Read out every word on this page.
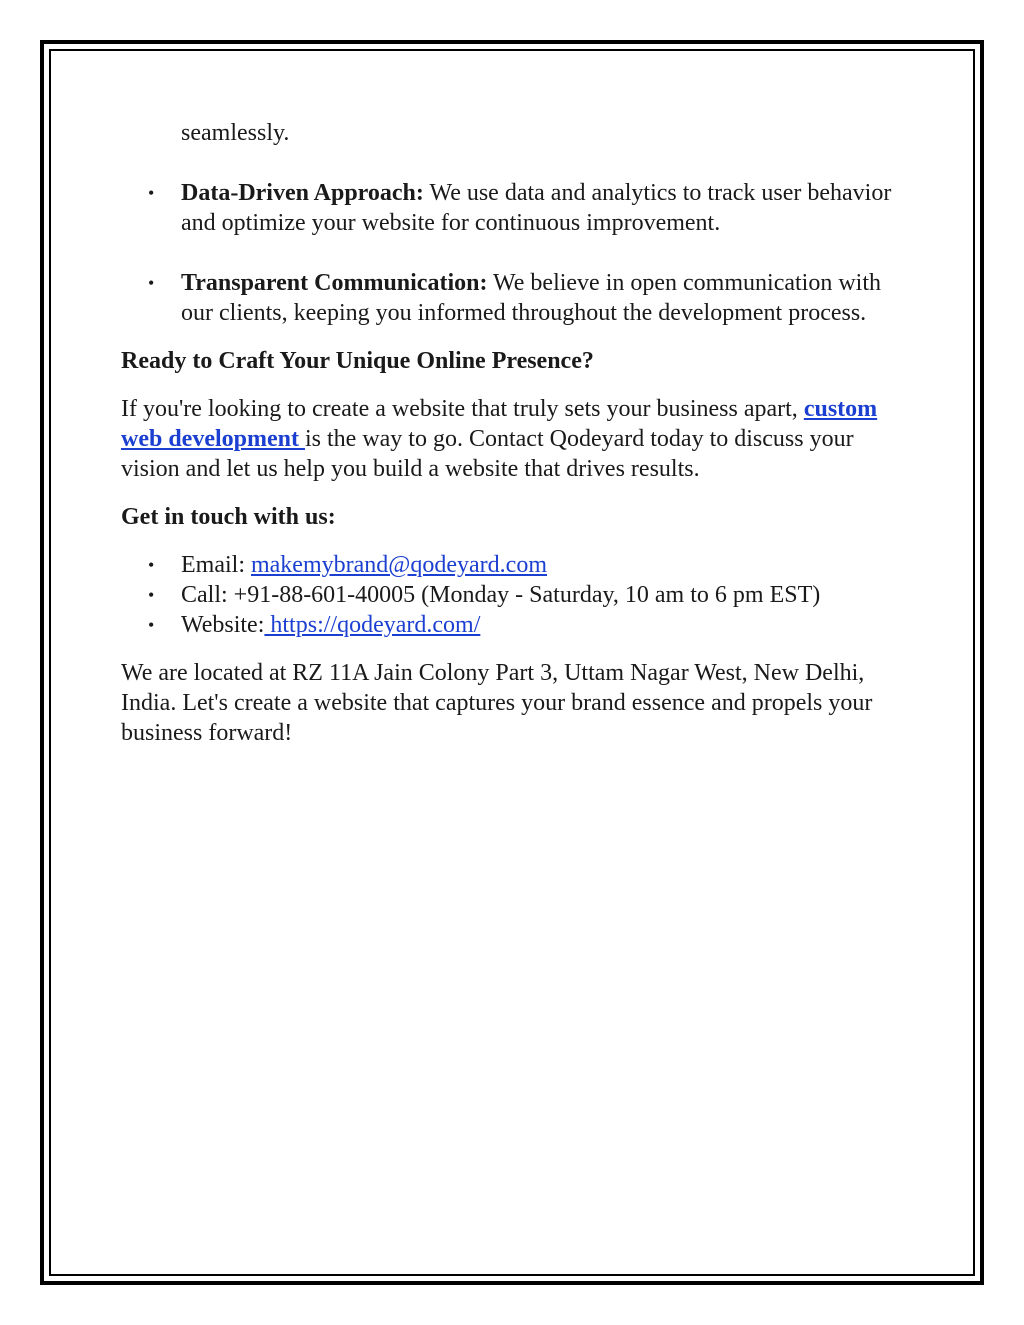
seamlessly.
• Data-Driven Approach: We use data and analytics to track user behavior and optimize your website for continuous improvement.
• Transparent Communication: We believe in open communication with our clients, keeping you informed throughout the development process.
Ready to Craft Your Unique Online Presence?

If you're looking to create a website that truly sets your business apart, custom web development is the way to go. Contact Qodeyard today to discuss your vision and let us help you build a website that drives results.

Get in touch with us:
• Email: makemybrand@qodeyard.com
• Call: +91-88-601-40005 (Monday - Saturday, 10 am to 6 pm EST)
• Website: https://qodeyard.com/

We are located at RZ 11A Jain Colony Part 3, Uttam Nagar West, New Delhi, India. Let's create a website that captures your brand essence and propels your business forward!
